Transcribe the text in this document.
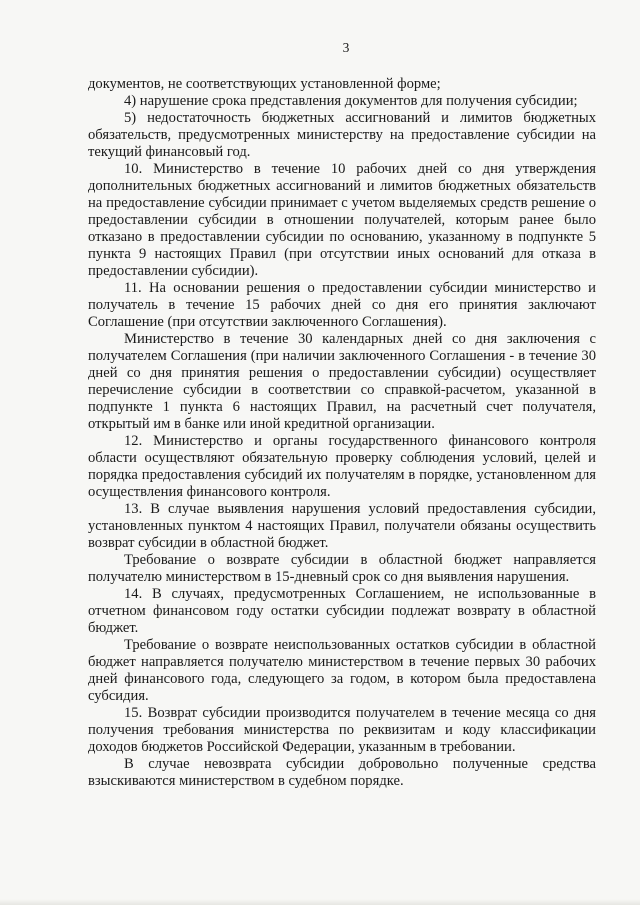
3

документов, не соответствующих установленной форме;

4) нарушение срока представления документов для получения субсидии;

5) недостаточность бюджетных ассигнований и лимитов бюджетных обязательств, предусмотренных министерству на предоставление субсидии на текущий финансовый год.

10. Министерство в течение 10 рабочих дней со дня утверждения дополнительных бюджетных ассигнований и лимитов бюджетных обязательств на предоставление субсидии принимает с учетом выделяемых средств решение о предоставлении субсидии в отношении получателей, которым ранее было отказано в предоставлении субсидии по основанию, указанному в подпункте 5 пункта 9 настоящих Правил (при отсутствии иных оснований для отказа в предоставлении субсидии).

11. На основании решения о предоставлении субсидии министерство и получатель в течение 15 рабочих дней со дня его принятия заключают Соглашение (при отсутствии заключенного Соглашения).

Министерство в течение 30 календарных дней со дня заключения с получателем Соглашения (при наличии заключенного Соглашения - в течение 30 дней со дня принятия решения о предоставлении субсидии) осуществляет перечисление субсидии в соответствии со справкой-расчетом, указанной в подпункте 1 пункта 6 настоящих Правил, на расчетный счет получателя, открытый им в банке или иной кредитной организации.

12. Министерство и органы государственного финансового контроля области осуществляют обязательную проверку соблюдения условий, целей и порядка предоставления субсидий их получателям в порядке, установленном для осуществления финансового контроля.

13. В случае выявления нарушения условий предоставления субсидии, установленных пунктом 4 настоящих Правил, получатели обязаны осуществить возврат субсидии в областной бюджет.

Требование о возврате субсидии в областной бюджет направляется получателю министерством в 15-дневный срок со дня выявления нарушения.

14. В случаях, предусмотренных Соглашением, не использованные в отчетном финансовом году остатки субсидии подлежат возврату в областной бюджет.

Требование о возврате неиспользованных остатков субсидии в областной бюджет направляется получателю министерством в течение первых 30 рабочих дней финансового года, следующего за годом, в котором была предоставлена субсидия.

15. Возврат субсидии производится получателем в течение месяца со дня получения требования министерства по реквизитам и коду классификации доходов бюджетов Российской Федерации, указанным в требовании.

В случае невозврата субсидии добровольно полученные средства взыскиваются министерством в судебном порядке.
